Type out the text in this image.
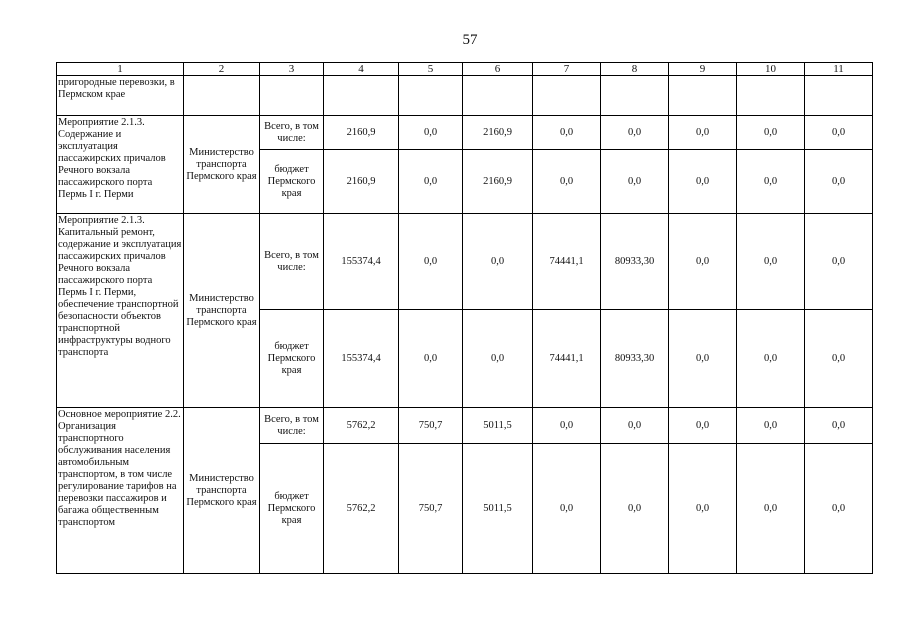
57
1	2	3	4	5	6	7	8	9	10	11
пригородные перевозки, в Пермском крае										
Мероприятие 2.1.3. Содержание и эксплуатация пассажирских причалов Речного вокзала пассажирского порта Пермь I г. Перми	Министерство транспорта Пермского края	Всего, в том числе:	2160,9	0,0	2160,9	0,0	0,0	0,0	0,0	0,0
		бюджет Пермского края	2160,9	0,0	2160,9	0,0	0,0	0,0	0,0	0,0
Мероприятие 2.1.3. Капитальный ремонт, содержание и эксплуатация пассажирских причалов Речного вокзала пассажирского порта Пермь I г. Перми, обеспечение транспортной безопасности объектов транспортной инфраструктуры водного транспорта	Министерство транспорта Пермского края	Всего, в том числе:	155374,4	0,0	0,0	74441,1	80933,30	0,0	0,0	0,0
		бюджет Пермского края	155374,4	0,0	0,0	74441,1	80933,30	0,0	0,0	0,0
Основное мероприятие 2.2. Организация транспортного обслуживания населения автомобильным транспортом, в том числе регулирование тарифов на перевозки пассажиров и багажа общественным транспортом	Министерство транспорта Пермского края	Всего, в том числе:	5762,2	750,7	5011,5	0,0	0,0	0,0	0,0	0,0
		бюджет Пермского края	5762,2	750,7	5011,5	0,0	0,0	0,0	0,0	0,0
